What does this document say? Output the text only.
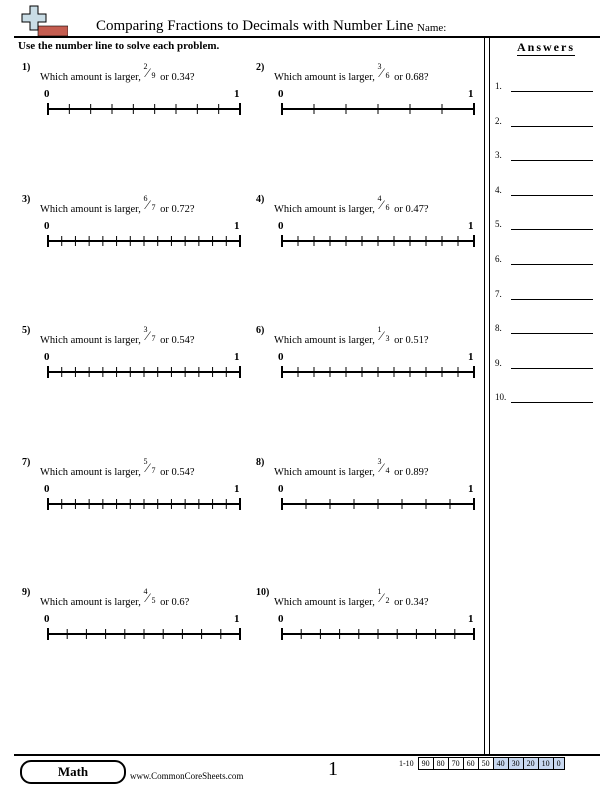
Comparing Fractions to Decimals with Number Line Name:
Use the number line to solve each problem.
1)
Which amount is larger,
2 ⁄ 9 or 0.34?
0	1
2)
Which amount is larger,
3 ⁄ 6 or 0.68?
0	1
3)
Which amount is larger,
6 ⁄ 7 or 0.72?
0	1
4)
Which amount is larger,
4 ⁄ 6 or 0.47?
0	1
5)
Which amount is larger,
3 ⁄ 7 or 0.54?
0	1
6)
Which amount is larger,
1 ⁄ 3 or 0.51?
0	1
7)
Which amount is larger,
5 ⁄ 7 or 0.54?
0	1
8)
Which amount is larger,
3 ⁄ 4 or 0.89?
0	1
9)
Which amount is larger,
4 ⁄ 5 or 0.6?
0	1
10)
Which amount is larger,
1 ⁄ 2 or 0.34?
0	1
Answers
1.
2.
3.
4.
5.
6.
7.
8.
9.
10.
Math	www.CommonCoreSheets.com	1	1-10	90	80	70	60	50	40	30	20	10	0
